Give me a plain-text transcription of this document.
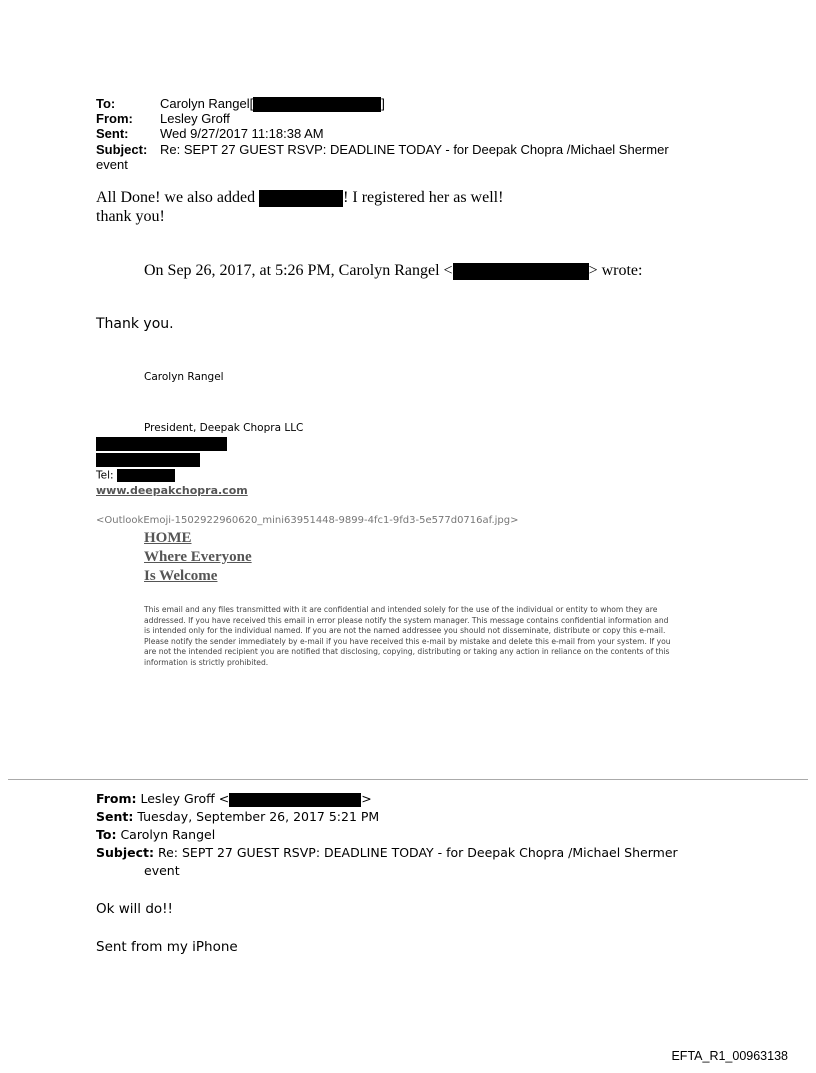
To:	Carolyn Rangel[	]
From: Lesley Groff
Sent: Wed 9/27/2017 11:18:38 AM
Subject: Re: SEPT 27 GUEST RSVP: DEADLINE TODAY - for Deepak Chopra /Michael Shermer
event
All Done! we also added	! I registered her as well!
thank you!
On Sep 26, 2017, at 5:26 PM, Carolyn Rangel <	> wrote:
Thank you.
Carolyn Rangel
President, Deepak Chopra LLC
Tel:
www.deepakchopra.com
<OutlookEmoji-1502922960620_mini63951448-9899-4fc1-9fd3-5e577d0716af.jpg>
HOME
Where Everyone
Is Welcome
This email and any files transmitted with it are confidential and intended solely for the use of the individual or entity to whom they are addressed. If you have received this email in error please notify the system manager. This message contains confidential information and is intended only for the individual named. If you are not the named addressee you should not disseminate, distribute or copy this e-mail. Please notify the sender immediately by e-mail if you have received this e-mail by mistake and delete this e-mail from your system. If you are not the intended recipient you are notified that disclosing, copying, distributing or taking any action in reliance on the contents of this information is strictly prohibited.
From: Lesley Groff <	>
Sent: Tuesday, September 26, 2017 5:21 PM
To: Carolyn Rangel
Subject: Re: SEPT 27 GUEST RSVP: DEADLINE TODAY - for Deepak Chopra /Michael Shermer
event
Ok will do!!
Sent from my iPhone
EFTA_R1_00963138
